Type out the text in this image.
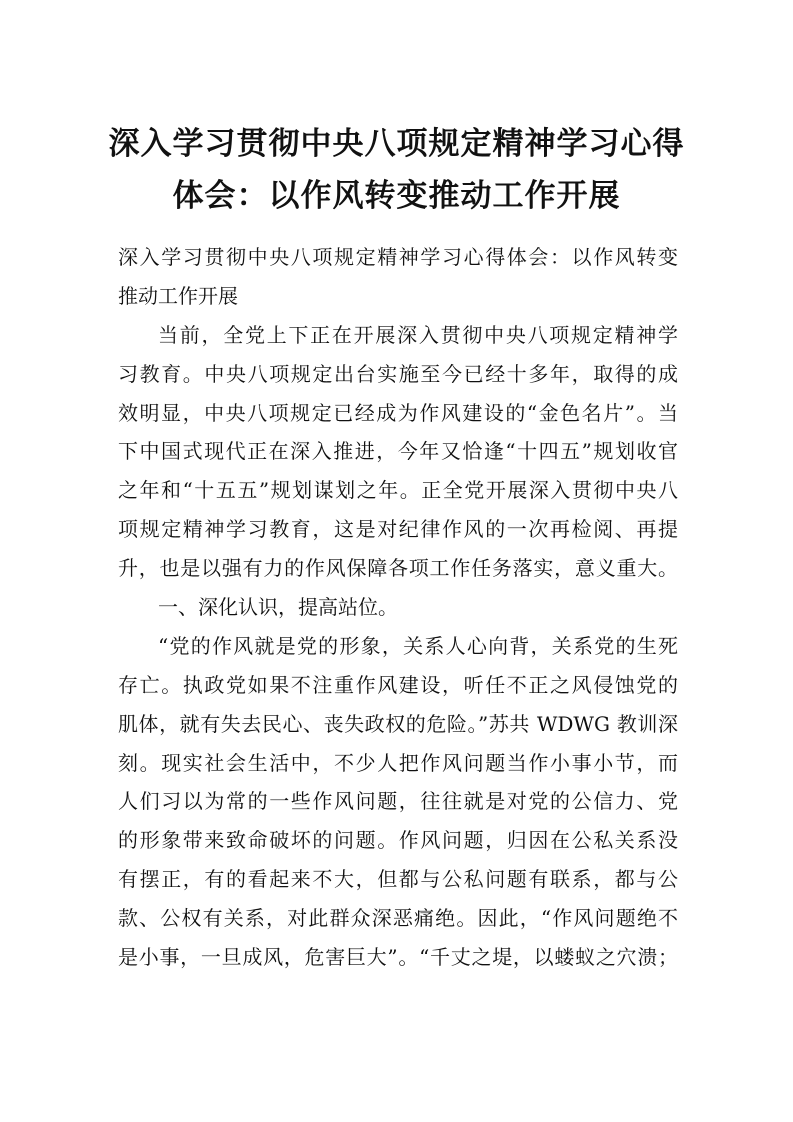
深入学习贯彻中央八项规定精神学习心得
体会：以作风转变推动工作开展
深入学习贯彻中央八项规定精神学习心得体会：以作风转变
推动工作开展
当前，全党上下正在开展深入贯彻中央八项规定精神学
习教育。中央八项规定出台实施至今已经十多年，取得的成
效明显，中央八项规定已经成为作风建设的“金色名片”。当
下中国式现代正在深入推进，今年又恰逢“十四五”规划收官
之年和“十五五”规划谋划之年。正全党开展深入贯彻中央八
项规定精神学习教育，这是对纪律作风的一次再检阅、再提
升，也是以强有力的作风保障各项工作任务落实，意义重大。
一、深化认识，提高站位。
“党的作风就是党的形象，关系人心向背，关系党的生死
存亡。执政党如果不注重作风建设，听任不正之风侵蚀党的
肌体，就有失去民心、丧失政权的危险。”苏共 WDWG 教训深
刻。现实社会生活中，不少人把作风问题当作小事小节，而
人们习以为常的一些作风问题，往往就是对党的公信力、党
的形象带来致命破坏的问题。作风问题，归因在公私关系没
有摆正，有的看起来不大，但都与公私问题有联系，都与公
款、公权有关系，对此群众深恶痛绝。因此，“作风问题绝不
是小事，一旦成风，危害巨大”。“千丈之堤，以蝼蚁之穴溃；
